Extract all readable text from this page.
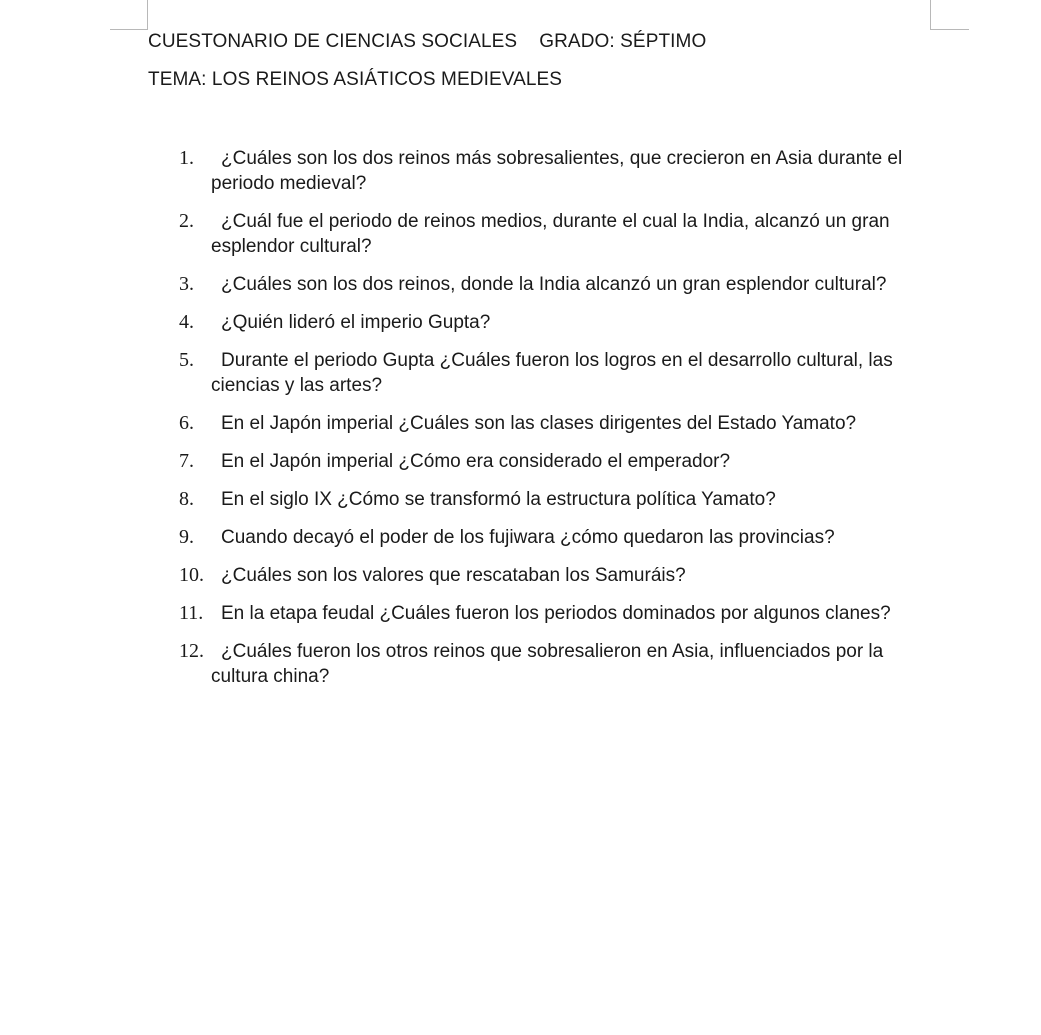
CUESTONARIO DE CIENCIAS SOCIALES GRADO: SÉPTIMO
TEMA: LOS REINOS ASIÁTICOS MEDIEVALES
1.	¿Cuáles son los dos reinos más sobresalientes, que crecieron en Asia durante el periodo medieval?
2.	¿Cuál fue el periodo de reinos medios, durante el cual la India, alcanzó un gran esplendor cultural?
3.	¿Cuáles son los dos reinos, donde la India alcanzó un gran esplendor cultural?
4.	¿Quién lideró el imperio Gupta?
5.	Durante el periodo Gupta ¿Cuáles fueron los logros en el desarrollo cultural, las ciencias y las artes?
6.	En el Japón imperial ¿Cuáles son las clases dirigentes del Estado Yamato?
7.	En el Japón imperial ¿Cómo era considerado el emperador?
8.	En el siglo IX ¿Cómo se transformó la estructura política Yamato?
9.	Cuando decayó el poder de los fujiwara ¿cómo quedaron las provincias?
10. ¿Cuáles son los valores que rescataban los Samuráis?
11. En la etapa feudal ¿Cuáles fueron los periodos dominados por algunos clanes?
12. ¿Cuáles fueron los otros reinos que sobresalieron en Asia, influenciados por la cultura china?
